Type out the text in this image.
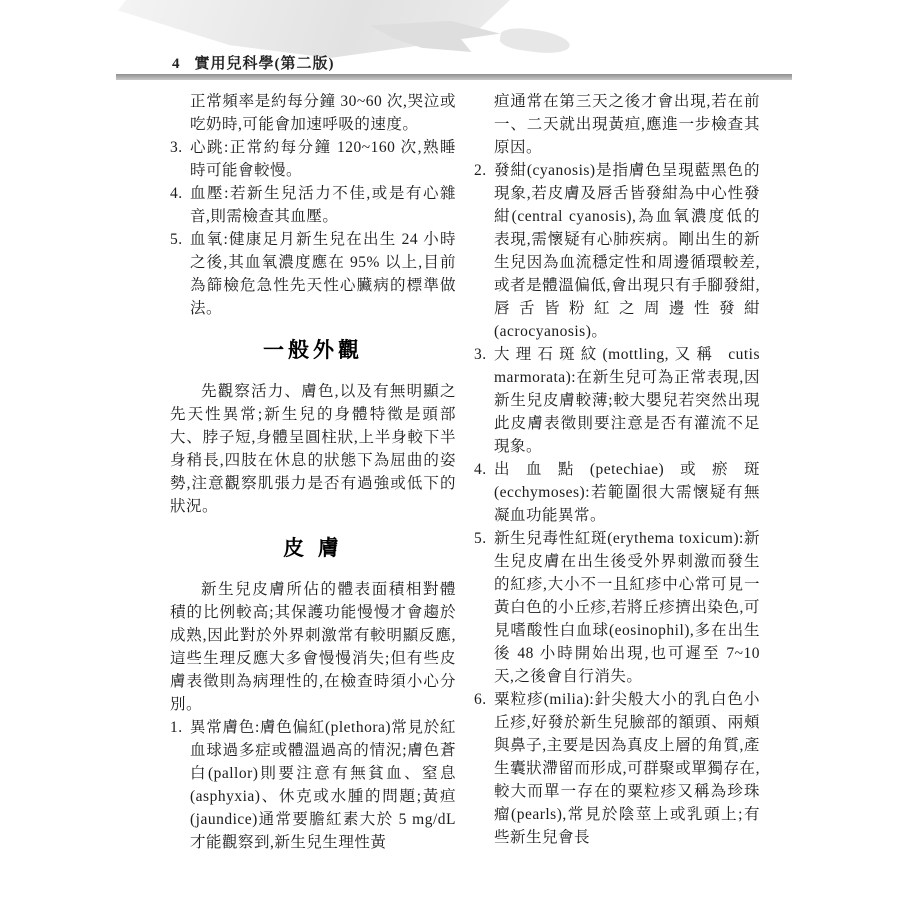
4 實用兒科學(第二版)
正常頻率是約每分鐘 30~60 次,哭泣或吃奶時,可能會加速呼吸的速度。
3. 心跳:正常約每分鐘 120~160 次,熟睡時可能會較慢。
4. 血壓:若新生兒活力不佳,或是有心雜音,則需檢查其血壓。
5. 血氧:健康足月新生兒在出生 24 小時之後,其血氧濃度應在 95% 以上,目前為篩檢危急性先天性心臟病的標準做法。
一般外觀

先觀察活力、膚色,以及有無明顯之先天性異常;新生兒的身體特徵是頭部大、脖子短,身體呈圓柱狀,上半身較下半身稍長,四肢在休息的狀態下為屈曲的姿勢,注意觀察肌張力是否有過強或低下的狀況。

皮 膚

新生兒皮膚所佔的體表面積相對體積的比例較高;其保護功能慢慢才會趨於成熟,因此對於外界刺激常有較明顯反應,這些生理反應大多會慢慢消失;但有些皮膚表徵則為病理性的,在檢查時須小心分別。

1. 異常膚色:膚色偏紅(plethora)常見於紅血球過多症或體溫過高的情況;膚色蒼白(pallor)則要注意有無貧血、窒息(asphyxia)、休克或水腫的問題;黃疸(jaundice)通常要膽紅素大於 5 mg/dL 才能觀察到,新生兒生理性黃
疸通常在第三天之後才會出現,若在前一、二天就出現黃疸,應進一步檢查其原因。
2. 發紺(cyanosis)是指膚色呈現藍黑色的現象,若皮膚及唇舌皆發紺為中心性發紺(central cyanosis),為血氧濃度低的表現,需懷疑有心肺疾病。剛出生的新生兒因為血流穩定性和周邊循環較差,或者是體溫偏低,會出現只有手腳發紺,唇舌皆粉紅之周邊性發紺(acrocyanosis)。
3. 大理石斑紋(mottling,又稱 cutis marmorata):在新生兒可為正常表現,因新生兒皮膚較薄;較大嬰兒若突然出現此皮膚表徵則要注意是否有灌流不足現象。
4. 出血點(petechiae)或瘀斑(ecchymoses):若範圍很大需懷疑有無凝血功能異常。
5. 新生兒毒性紅斑(erythema toxicum):新生兒皮膚在出生後受外界刺激而發生的紅疹,大小不一且紅疹中心常可見一黃白色的小丘疹,若將丘疹擠出染色,可見嗜酸性白血球(eosinophil),多在出生後 48 小時開始出現,也可遲至 7~10 天,之後會自行消失。
6. 粟粒疹(milia):針尖般大小的乳白色小丘疹,好發於新生兒臉部的額頭、兩頰與鼻子,主要是因為真皮上層的角質,產生囊狀滯留而形成,可群聚或單獨存在,較大而單一存在的粟粒疹又稱為珍珠瘤(pearls),常見於陰莖上或乳頭上;有些新生兒會長
